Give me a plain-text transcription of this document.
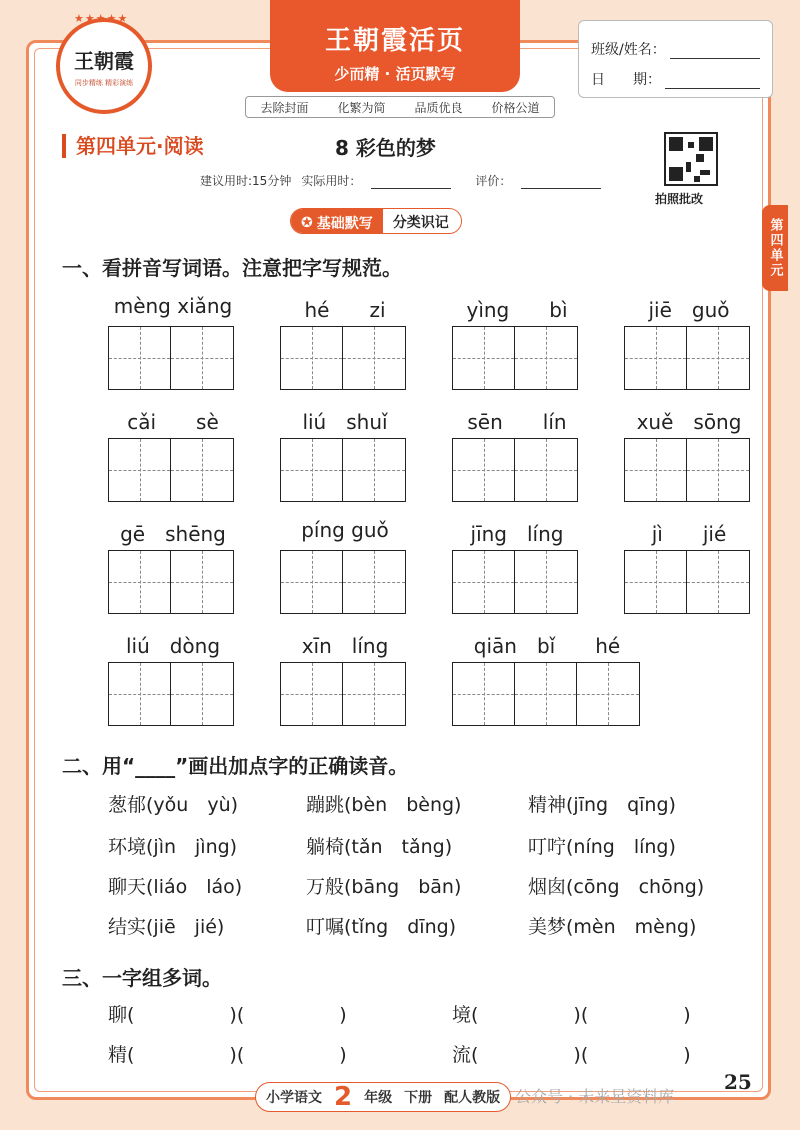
★★★★★
王朝霞
同步精练 精彩演练
王朝霞活页
少而精 · 活页默写
去除封面 化繁为简 品质优良 价格公道
班级/姓名：
日　　期：
第四单元·阅读	8 彩色的梦
建议用时:15分钟 实际用时：	评价：
拍照批改
第四单元
✪ 基础默写	分类识记
一、看拼音写词语。注意把字写规范。
mèng xiǎng	hé　　zi	yìng　　bì	jiē　guǒ
cǎi　　sè	liú　shuǐ	sēn　　lín	xuě　sōng
gē　shēng	píng guǒ	jīng　líng	jì　　jié
liú　dòng	xīn　líng	qiān　bǐ　　hé
二、用“____”画出加点字的正确读音。
葱郁(yǒu　yù)	蹦跳(bèn　bèng)	精神(jīng　qīng)
环境(jìn　jìng)	躺椅(tǎn　tǎng)	叮咛(níng　líng)
聊天(liáo　láo)	万般(bāng　bān)	烟囱(cōng　chōng)
结实(jiē　jié)	叮嘱(tǐng　dīng)	美梦(mèn　mèng)
三、一字组多词。
聊(　　　　　)(　　　　　)	境(　　　　　)(　　　　　)
精(　　　　　)(　　　　　)	流(　　　　　)(　　　　　)
小学语文 2 年级 下册 配人教版 公众号 · 未来星资料库
25
